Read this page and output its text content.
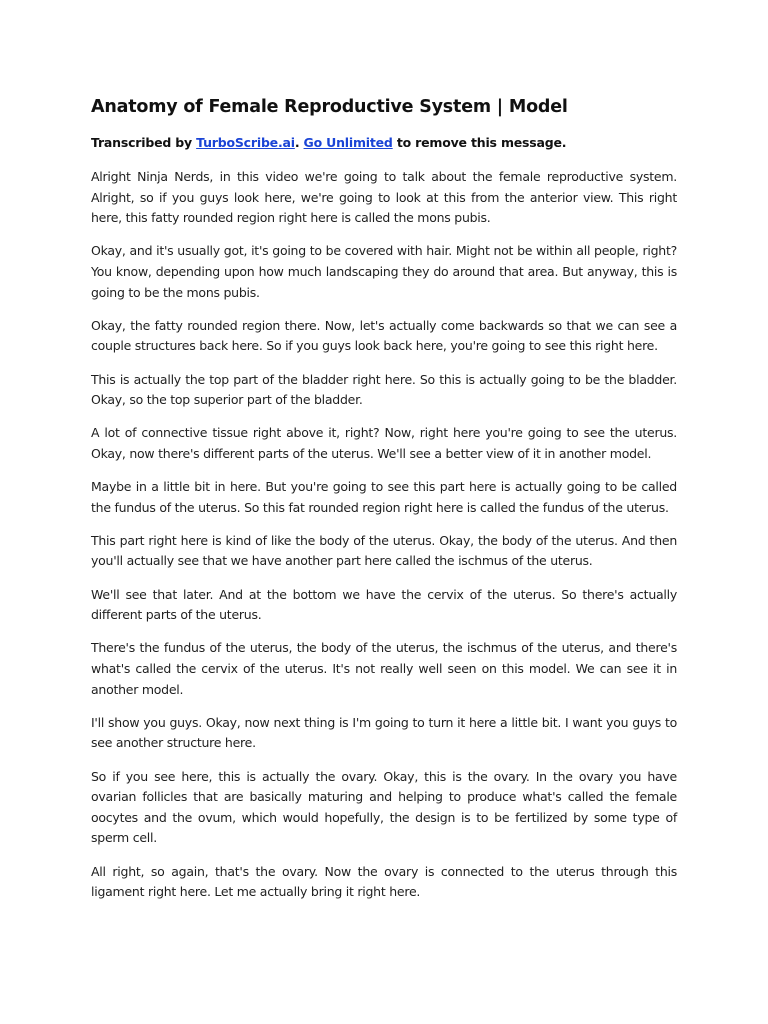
Anatomy of Female Reproductive System | Model
Transcribed by TurboScribe.ai. Go Unlimited to remove this message.

Alright Ninja Nerds, in this video we're going to talk about the female reproductive system. Alright, so if you guys look here, we're going to look at this from the anterior view. This right here, this fatty rounded region right here is called the mons pubis.

Okay, and it's usually got, it's going to be covered with hair. Might not be within all people, right? You know, depending upon how much landscaping they do around that area. But anyway, this is going to be the mons pubis.

Okay, the fatty rounded region there. Now, let's actually come backwards so that we can see a couple structures back here. So if you guys look back here, you're going to see this right here.

This is actually the top part of the bladder right here. So this is actually going to be the bladder. Okay, so the top superior part of the bladder.

A lot of connective tissue right above it, right? Now, right here you're going to see the uterus. Okay, now there's different parts of the uterus. We'll see a better view of it in another model.

Maybe in a little bit in here. But you're going to see this part here is actually going to be called the fundus of the uterus. So this fat rounded region right here is called the fundus of the uterus.

This part right here is kind of like the body of the uterus. Okay, the body of the uterus. And then you'll actually see that we have another part here called the ischmus of the uterus.

We'll see that later. And at the bottom we have the cervix of the uterus. So there's actually different parts of the uterus.

There's the fundus of the uterus, the body of the uterus, the ischmus of the uterus, and there's what's called the cervix of the uterus. It's not really well seen on this model. We can see it in another model.

I'll show you guys. Okay, now next thing is I'm going to turn it here a little bit. I want you guys to see another structure here.

So if you see here, this is actually the ovary. Okay, this is the ovary. In the ovary you have ovarian follicles that are basically maturing and helping to produce what's called the female oocytes and the ovum, which would hopefully, the design is to be fertilized by some type of sperm cell.

All right, so again, that's the ovary. Now the ovary is connected to the uterus through this ligament right here. Let me actually bring it right here.
